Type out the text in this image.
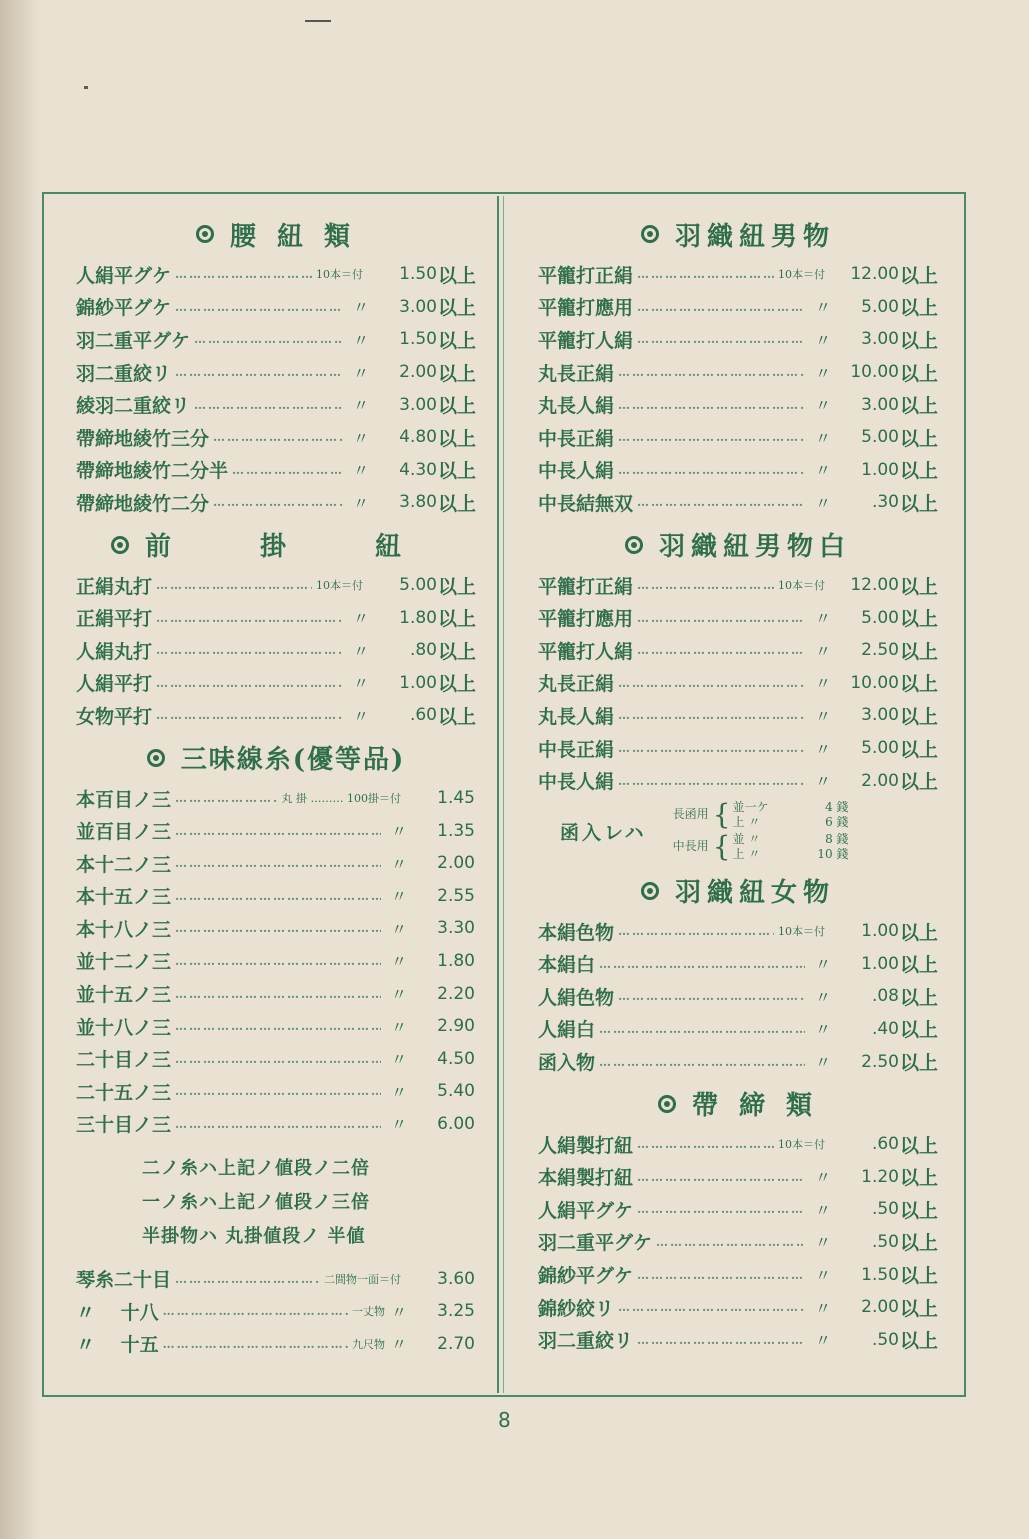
腰 紐 類
人絹平グケ …………………………………………………………	10本＝付	1.50 以上
錦紗平グケ …………………………………………………………	〃	3.00 以上
羽二重平グケ …………………………………………………………	〃	1.50 以上
羽二重絞リ …………………………………………………………	〃	2.00 以上
綾羽二重絞リ …………………………………………………………	〃	3.00 以上
帶締地綾竹三分 …………………………………………………………	〃	4.80 以上
帶締地綾竹二分半 …………………………………………………………	〃	4.30 以上
帶締地綾竹二分 …………………………………………………………	〃	3.80 以上
前 掛 紐
正絹丸打 …………………………………………………………	10本＝付	5.00 以上
正絹平打 …………………………………………………………	〃	1.80 以上
人絹丸打 …………………………………………………………	〃	.80 以上
人絹平打 …………………………………………………………	〃	1.00 以上
女物平打 …………………………………………………………	〃	.60 以上
三味線糸(優等品)
本百目ノ三 …………………………………………………………	丸 掛 ……… 100掛＝付	1.45
並百目ノ三 …………………………………………………………	〃	1.35
本十二ノ三 …………………………………………………………	〃	2.00
本十五ノ三 …………………………………………………………	〃	2.55
本十八ノ三 …………………………………………………………	〃	3.30
並十二ノ三 …………………………………………………………	〃	1.80
並十五ノ三 …………………………………………………………	〃	2.20
並十八ノ三 …………………………………………………………	〃	2.90
二十目ノ三 …………………………………………………………	〃	4.50
二十五ノ三 …………………………………………………………	〃	5.40
三十目ノ三 …………………………………………………………	〃	6.00
二ノ糸ハ上記ノ値段ノ二倍
一ノ糸ハ上記ノ値段ノ三倍
半掛物ハ 丸掛値段ノ 半値
琴糸二十目 …………………………………………………………	二間物一面＝付	3.60
〃　 十八 …………………………………………………………	一丈物 〃	3.25
〃　 十五 …………………………………………………………	九尺物 〃	2.70
羽織紐男物
平籠打正絹 …………………………………………………………	10本＝付	12.00 以上
平籠打應用 …………………………………………………………	〃	5.00 以上
平籠打人絹 …………………………………………………………	〃	3.00 以上
丸長正絹 …………………………………………………………	〃	10.00 以上
丸長人絹 …………………………………………………………	〃	3.00 以上
中長正絹 …………………………………………………………	〃	5.00 以上
中長人絹 …………………………………………………………	〃	1.00 以上
中長結無双 …………………………………………………………	〃	.30 以上
羽織紐男物白
平籠打正絹 …………………………………………………………	10本＝付	12.00 以上
平籠打應用 …………………………………………………………	〃	5.00 以上
平籠打人絹 …………………………………………………………	〃	2.50 以上
丸長正絹 …………………………………………………………	〃	10.00 以上
丸長人絹 …………………………………………………………	〃	3.00 以上
中長正絹 …………………………………………………………	〃	5.00 以上
中長人絹 …………………………………………………………	〃	2.00 以上
函入レハ
長函用 { 並一ケ	4 錢
上 〃	6 錢
中長用 { 並 〃	8 錢
上 〃	10 錢
羽織紐女物
本絹色物 …………………………………………………………	10本＝付	1.00 以上
本絹白 …………………………………………………………	〃	1.00 以上
人絹色物 …………………………………………………………	〃	.08 以上
人絹白 …………………………………………………………	〃	.40 以上
函入物 …………………………………………………………	〃	2.50 以上
帶 締 類
人絹製打紐 …………………………………………………………	10本＝付	.60 以上
本絹製打紐 …………………………………………………………	〃	1.20 以上
人絹平グケ …………………………………………………………	〃	.50 以上
羽二重平グケ …………………………………………………………	〃	.50 以上
錦紗平グケ …………………………………………………………	〃	1.50 以上
錦紗絞リ …………………………………………………………	〃	2.00 以上
羽二重絞リ …………………………………………………………	〃	.50 以上
8
